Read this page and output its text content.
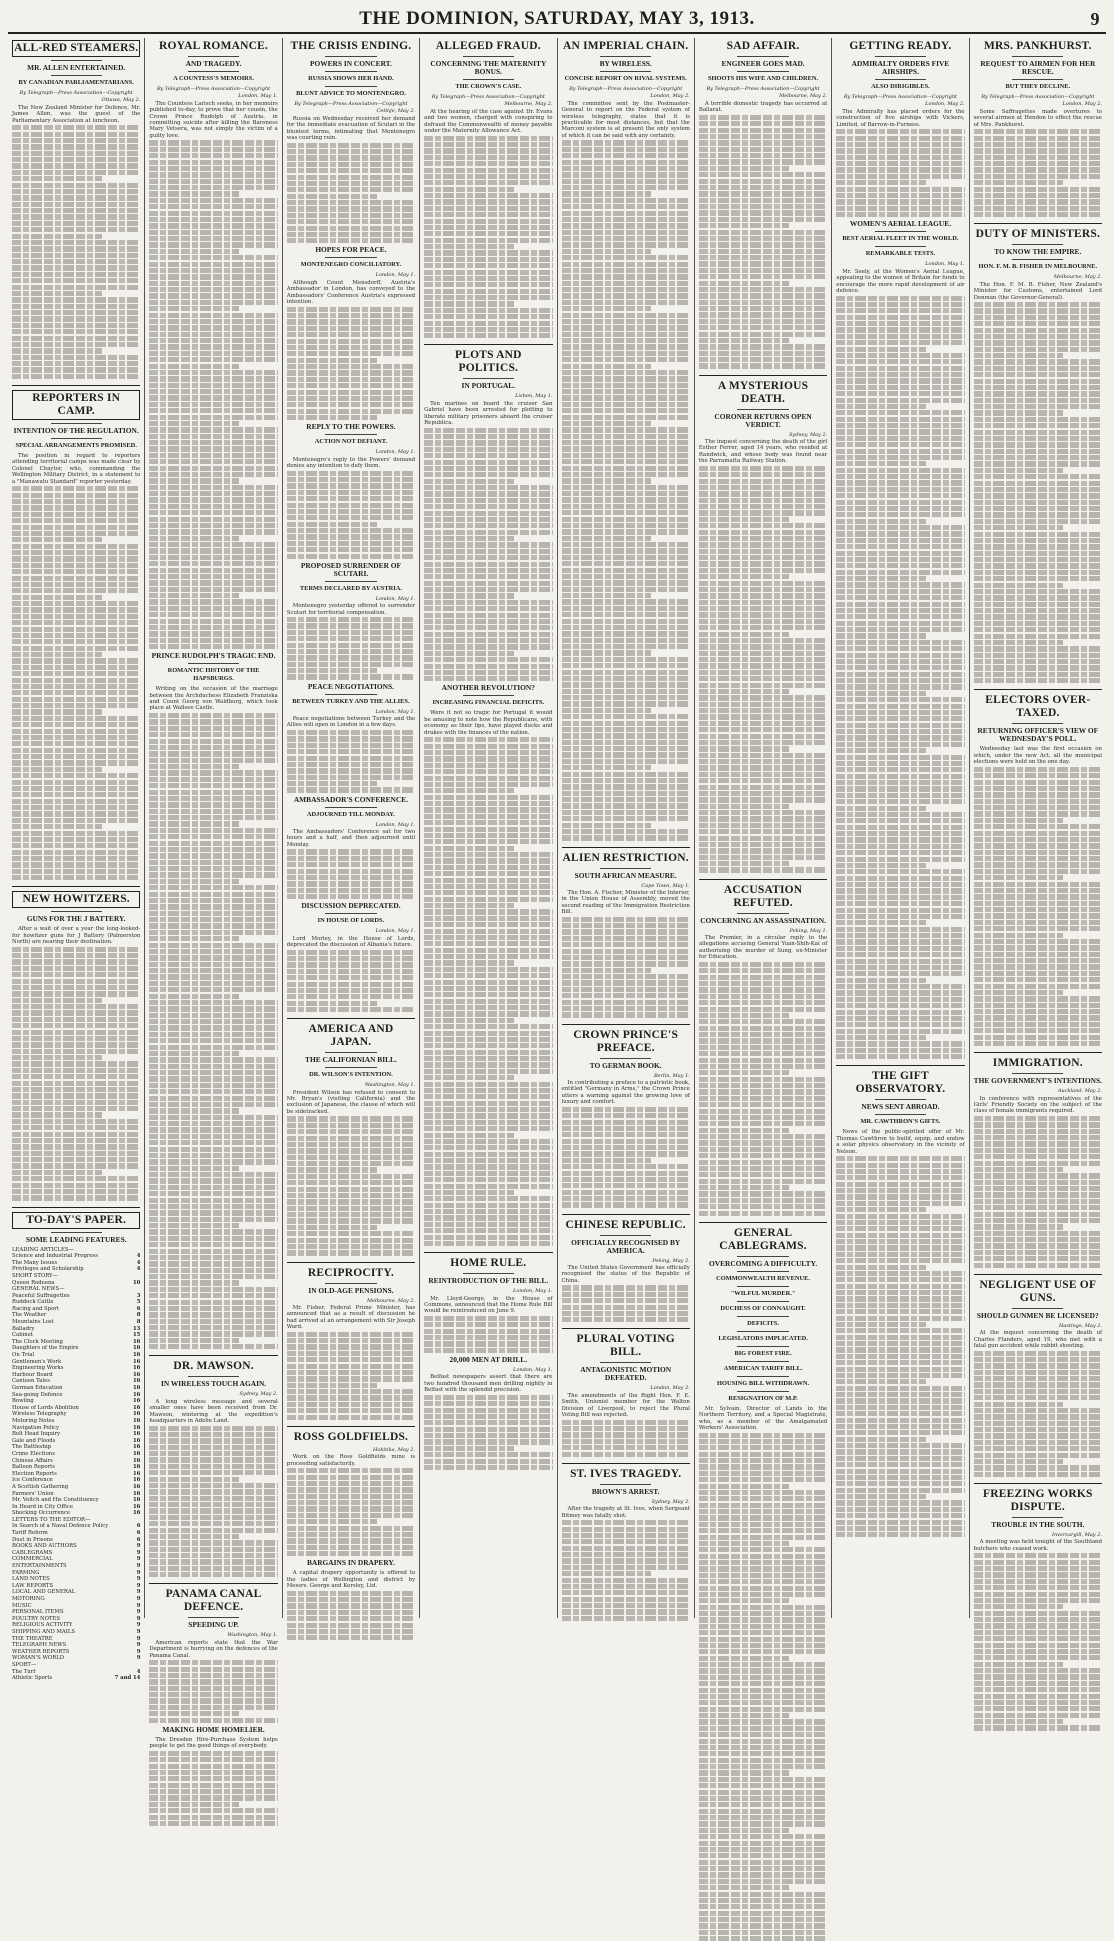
THE DOMINION, SATURDAY, MAY 3, 1913.	9
ALL-RED STEAMERS.
MR. ALLEN ENTERTAINED.
BY CANADIAN PARLIAMENTARIANS.
By Telegraph—Press Association—Copyright
Ottawa, May 2.

The New Zealand Minister for Defence, Mr. James Allen, was the guest of the Parliamentary Association at luncheon.

REPORTERS IN CAMP.
INTENTION OF THE REGULATION.
SPECIAL ARRANGEMENTS PROMISED.

The position in regard to reporters attending territorial camps was made clear by Colonel Chaytor, who, commanding the Wellington Military District, in a statement to a "Manawatu Standard" reporter yesterday.

NEW HOWITZERS.
GUNS FOR THE J BATTERY.

After a wait of over a year the long-looked-for howitzer guns for J Battery (Palmerston North) are nearing their destination.

TO-DAY'S PAPER.
SOME LEADING FEATURES.
LEADING ARTICLES—
Science and Industrial Progress	4
The Many Issues	4
Privileges and Scholarship	4
SHORT STORY—
Queen Rodeena	10
GENERAL NEWS—
Peaceful Suffragettes	3
Ruddock Cattle	5
Racing and Sport	6
The Weather	8
Mountains Lost	8
Balladry	13
Cabinet	15
The Clock Meeting	16
Daughters of the Empire	16
On Trial	16
Gentlemen's Work	16
Engineering Works	16
Harbour Board	16
Canteen Tales	16
German Education	16
Sea-going Defence	16
Bowling	16
House of Lords Abolition	16
Wireless Telegraphy	16
Motoring Notes	16
Navigation Policy	16
Bolt Head Inquiry	16
Gale and Floods	16
The Battleship	16
Crime Elections	16
Chinese Affairs	16
Balloon Reports	16
Election Reports	16
Ice Conference	16
A Scottish Gathering	16
Farmers' Union	16
Mr. Veitch and His Constituency	16
In Heard in City Office	16
Shocking Occurrence	16
LETTERS TO THE EDITOR—
In Search of a Naval Defence Policy	6
Tariff Reform	6
Dust in Prisons	6
BOOKS AND AUTHORS	9
CABLEGRAMS	9
COMMERCIAL	9
ENTERTAINMENTS	9
FARMING	9
LAND NOTES	9
LAW REPORTS	9
LOCAL AND GENERAL	9
MOTORING	9
MUSIC	9
PERSONAL ITEMS	9
POULTRY NOTES	9
RELIGIOUS ACTIVITY	9
SHIPPING AND MAILS	9
THE THEATRE	9
TELEGRAPH NEWS	9
WEATHER REPORTS	9
WOMAN'S WORLD	9
SPORT—
The Turf	4
Athletic Sports	7 and 14
ROYAL ROMANCE.
AND TRAGEDY.
A COUNTESS'S MEMOIRS.
By Telegraph—Press Association—Copyright
London, May 1.

The Countess Larisch seeks, in her memoirs published to-day, to prove that her cousin, the Crown Prince Rudolph of Austria, in committing suicide after killing the Baroness Mary Vetsera, was not simply the victim of a guilty love.

PRINCE RUDOLPH'S TRAGIC END.
ROMANTIC HISTORY OF THE HAPSBURGS.

Writing on the occasion of the marriage between the Archduchess Elizabeth Franziska and Count Georg von Waldburg, which took place at Wallsee Castle.

DR. MAWSON.
IN WIRELESS TOUCH AGAIN.
Sydney, May 2.

A long wireless message and several smaller ones have been received from Dr. Mawson, wintering at the expedition's headquarters in Adelie Land.

PANAMA CANAL DEFENCE.
SPEEDING UP.
Washington, May 1.

American reports state that the War Department is hurrying on the defences of the Panama Canal.

MAKING HOME HOMELIER.

The Dresden Hire-Purchase System helps people to get the good things of everybody.

THE CRISIS ENDING.
POWERS IN CONCERT.
RUSSIA SHOWS HER HAND.
BLUNT ADVICE TO MONTENEGRO.
By Telegraph—Press Association—Copyright
Cetinje, May 2.

Russia on Wednesday received her demand for the immediate evacuation of Scutari in the bluntest terms, intimating that Montenegro was courting ruin.

HOPES FOR PEACE.
MONTENEGRO CONCILIATORY.
London, May 1.

Although Count Mensdorff, Austria's Ambassador in London, has conveyed to the Ambassadors' Conference Austria's expressed intention.

REPLY TO THE POWERS.
ACTION NOT DEFIANT.
London, May 1.

Montenegro's reply to the Powers' demand denies any intention to defy them.

PROPOSED SURRENDER OF SCUTARI.
TERMS DECLARED BY AUSTRIA.
London, May 1.

Montenegro yesterday offered to surrender Scutari for territorial compensation.

PEACE NEGOTIATIONS.
BETWEEN TURKEY AND THE ALLIES.
London, May 1.

Peace negotiations between Turkey and the Allies will open in London in a few days.

AMBASSADOR'S CONFERENCE.
ADJOURNED TILL MONDAY.
London, May 1.

The Ambassadors' Conference sat for two hours and a half, and then adjourned until Monday.

DISCUSSION DEPRECATED.
IN HOUSE OF LORDS.
London, May 1.

Lord Morley, in the House of Lords, deprecated the discussion of Albania's future.

AMERICA AND JAPAN.
THE CALIFORNIAN BILL.
DR. WILSON'S INTENTION.
Washington, May 1.

President Wilson has refused to consent to Mr. Bryan's (visiting California) and the exclusion of Japanese, the clause of which will be sidetracked.

RECIPROCITY.
IN OLD-AGE PENSIONS.
Melbourne, May 2.

Mr. Fisher, Federal Prime Minister, has announced that as a result of discussion he had arrived at an arrangement with Sir Joseph Ward.

ROSS GOLDFIELDS.
Hokitika, May 2.

Work on the Ross Goldfields mine is proceeding satisfactorily.

BARGAINS IN DRAPERY.

A capital drapery opportunity is offered to the ladies of Wellington and district by Messrs. George and Kersley, Ltd.

ALLEGED FRAUD.
CONCERNING THE MATERNITY BONUS.
THE CROWN'S CASE.
By Telegraph—Press Association—Copyright
Melbourne, May 2.

At the hearing of the case against Dr. Evans and two women, charged with conspiring to defraud the Commonwealth of money payable under the Maternity Allowance Act.

PLOTS AND POLITICS.
IN PORTUGAL.
Lisbon, May 1.

Ten marines on board the cruiser San Gabriel have been arrested for plotting to liberate military prisoners aboard the cruiser Republica.

ANOTHER REVOLUTION?
INCREASING FINANCIAL DEFICITS.

Were it not so tragic for Portugal it would be amusing to note how the Republicans, with economy as their lips, have played ducks and drakes with the finances of the nation.

HOME RULE.
REINTRODUCTION OF THE BILL.
London, May 1.

Mr. Lloyd-George, in the House of Commons, announced that the Home Rule Bill would be reintroduced on June 9.

20,000 MEN AT DRILL.
London, May 1.

Belfast newspapers assert that there are two hundred thousand men drilling nightly in Belfast with the splendid precision.

AN IMPERIAL CHAIN.
BY WIRELESS.
CONCISE REPORT ON RIVAL SYSTEMS.
By Telegraph—Press Association—Copyright
London, May 2.

The committee sent by the Postmaster-General to report on the Federal system of wireless telegraphy, states that it is practicable for most distances, but that the Marconi system is at present the only system of which it can be said with any certainty.

ALIEN RESTRICTION.
SOUTH AFRICAN MEASURE.
Cape Town, May 1.

The Hon. A. Fischer, Minister of the Interior, in the Union House of Assembly, moved the second reading of the Immigration Restriction Bill.

CROWN PRINCE'S PREFACE.
TO GERMAN BOOK.
Berlin, May 1.

In contributing a preface to a patriotic book, entitled "Germany in Arms," the Crown Prince utters a warning against the growing love of luxury and comfort.

CHINESE REPUBLIC.
OFFICIALLY RECOGNISED BY AMERICA.
Peking, May 2.

The United States Government has officially recognised the status of the Republic of China.

PLURAL VOTING BILL.
ANTAGONISTIC MOTION DEFEATED.
London, May 2.

The amendments of the Right Hon. F. E. Smith, Unionist member for the Walton Division of Liverpool, to reject the Plural Voting Bill was rejected.

ST. IVES TRAGEDY.
BROWN'S ARREST.
Sydney, May 2.

After the tragedy at St. Ives, when Sergeant Bitmey was fatally shot.

SAD AFFAIR.
ENGINEER GOES MAD.
SHOOTS HIS WIFE AND CHILDREN.
By Telegraph—Press Association—Copyright
Melbourne, May 2.

A terrible domestic tragedy has occurred at Ballarat.

A MYSTERIOUS DEATH.
CORONER RETURNS OPEN VERDICT.
Sydney, May 2.

The inquest concerning the death of the girl Esther Ferrer, aged 14 years, who resided at Randwick, and whose body was found near the Parramatta Railway Station.

ACCUSATION REFUTED.
CONCERNING AN ASSASSINATION.
Peking, May 1.

The Premier, in a circular reply to the allegations accusing General Yuan-Shih-Kai of authorising the murder of Sung, ex-Minister for Education.

GENERAL CABLEGRAMS.
OVERCOMING A DIFFICULTY.
COMMONWEALTH REVENUE.
"WILFUL MURDER."
DUCHESS OF CONNAUGHT.
DEFICITS.
LEGISLATORS IMPLICATED.
BIG FOREST FIRE.
AMERICAN TARIFF BILL.
HOUSING BILL WITHDRAWN.
RESIGNATION OF M.P.

Mr. Sylvain, Director of Lands in the Northern Territory, and a Special Magistrate, who, as a member of the Amalgamated Workers' Association.

GETTING READY.
ADMIRALTY ORDERS FIVE AIRSHIPS.
ALSO DIRIGIBLES.
By Telegraph—Press Association—Copyright
London, May 2.

The Admiralty has placed orders for the construction of five airships with Vickers, Limited, of Barrow-in-Furness.

WOMEN'S AERIAL LEAGUE.
BEST AERIAL FLEET IN THE WORLD.
REMARKABLE TESTS.
London, May 1.

Mr. Seely, at the Women's Aerial League, appealing to the women of Britain for funds to encourage the more rapid development of air defence.

THE GIFT OBSERVATORY.
NEWS SENT ABROAD.
MR. CAWTHRON'S GIFTS.

News of the public-spirited offer of Mr. Thomas Cawthron to build, equip, and endow a solar physics observatory in the vicinity of Nelson.

MRS. PANKHURST.
REQUEST TO AIRMEN FOR HER RESCUE.
BUT THEY DECLINE.
By Telegraph—Press Association—Copyright
London, May 2.

Some Suffragettes made overtures to several airmen at Hendon to effect the rescue of Mrs. Pankhurst.

DUTY OF MINISTERS.
TO KNOW THE EMPIRE.
HON. F. M. B. FISHER IN MELBOURNE.
Melbourne, May 2.

The Hon. F. M. B. Fisher, New Zealand's Minister for Customs, entertained Lord Denman (the Governor-General).

ELECTORS OVER-TAXED.
RETURNING OFFICER'S VIEW OF WEDNESDAY'S POLL.

Wednesday last was the first occasion on which, under the new Act, all the municipal elections were held on the one day.

IMMIGRATION.
THE GOVERNMENT'S INTENTIONS.
Auckland, May 2.

In conference with representatives of the Girls' Friendly Society on the subject of the class of female immigrants required.

NEGLIGENT USE OF GUNS.
SHOULD GUNMEN BE LICENSED?
Hastings, May 2.

At the inquest concerning the death of Charles Flanders, aged 19, who met with a fatal gun accident while rabbit shooting.

FREEZING WORKS DISPUTE.
TROUBLE IN THE SOUTH.
Invercargill, May 2.

A meeting was held tonight of the Southland butchers who ceased work.
